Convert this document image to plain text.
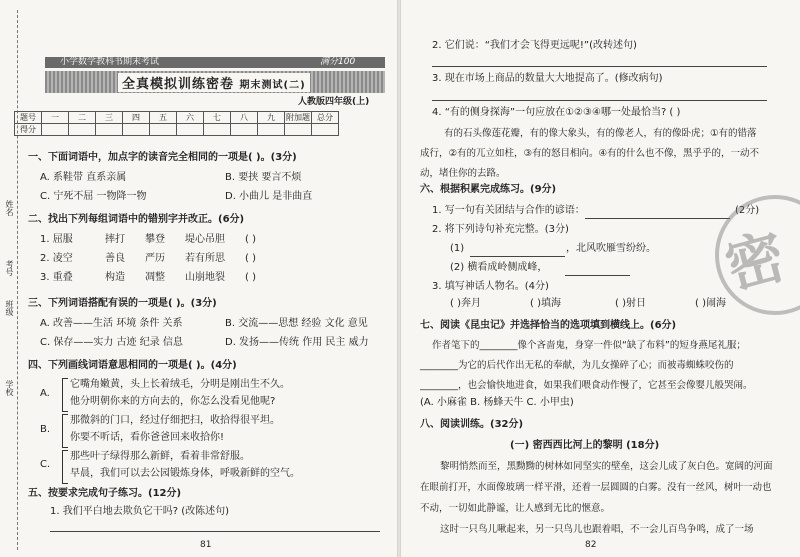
学校
班级
姓名
考号
小学数学教科书期末考试	满分100
全真模拟训练密卷 期末测试(二)
人教版四年级(上)
题号	一	二	三	四	五	六	七	八	九	附加题	总分
得分											
一、下面词语中，加点字的读音完全相同的一项是( )。(3分)
A. 系鞋带 直系亲属	B. 要挟 要言不烦
C. 宁死不屈 一物降一物	D. 小曲儿 是非曲直
二、找出下列每组词语中的错别字并改正。(6分)
1. 屈服	摔打 攀登 堤心吊胆 ( )
2. 凌空	善良 严历 若有所思 ( )
3. 重叠	构造 凋整 山崩地裂 ( )
三、下列词语搭配有误的一项是( )。(3分)
A. 改善——生活 环境 条件 关系	B. 交流——思想 经验 文化 意见
C. 保存——实力 古迹 纪录 信息	D. 发扬——传统 作用 民主 威力
四、下列画线词语意思相同的一项是( )。(4分)
A.
它嘴角嫩黄，头上长着绒毛，分明是刚出生不久。
他分明朝你来的方向去的，你怎么没看见他呢?
B.
那微斜的门口，经过仔细把扫，收拾得很平坦。
你要不听话，看你爸爸回来收拾你!
C.
那些叶子绿得那么新鲜，看着非常舒服。
早晨，我们可以去公园锻炼身体，呼吸新鲜的空气。
五、按要求完成句子练习。(12分)
1. 我们平白地去欺负它干吗? (改陈述句)
81
2. 它们说：“我们才会飞得更远呢!”(改转述句)
3. 现在市场上商品的数量大大地提高了。(修改病句)
4. “有的侧身探海”一句应放在①②③④哪一处最恰当? ( )
有的石头像莲花瓣，有的像大象头，有的像老人，有的像卧虎；①有的错落成行，②有的兀立如柱，③有的怒目相向。④有的什么也不像，黑乎乎的，一动不动，堵住你的去路。
六、根据积累完成练习。(9分)
1. 写一句有关团结与合作的谚语：	(2分)
2. 将下列诗句补充完整。(3分)
(1)	，北风吹雁雪纷纷。
(2) 横看成岭侧成峰，
3. 填写神话人物名。(4分)
( )奔月	( )填海	( )射日	( )闹海
密
七、阅读《昆虫记》并选择恰当的选项填到横线上。(6分)
作者笔下的________像个吝啬鬼，身穿一件似“缺了布料”的短身燕尾礼服；________为它的后代作出无私的奉献，为儿女操碎了心；而被毒蜘蛛咬伤的________，也会愉快地进食，如果我们喂食动作慢了，它甚至会像婴儿般哭闹。
(A. 小麻雀 B. 杨蜂天牛 C. 小甲虫)
八、阅读训练。(32分)
(一) 密西西比河上的黎明 (18分)
黎明悄然而至，黑黝黝的树林如同坚实的壁垒，这会儿成了灰白色。宽阔的河面在眼前打开，水面像玻璃一样平滑，还着一层圆圆的白雾。没有一丝风，树叶一动也不动，一切如此静谧，让人感到无比的惬意。
这时一只鸟儿啾起来，另一只鸟儿也跟着唱，不一会儿百鸟争鸣，成了一场
82
